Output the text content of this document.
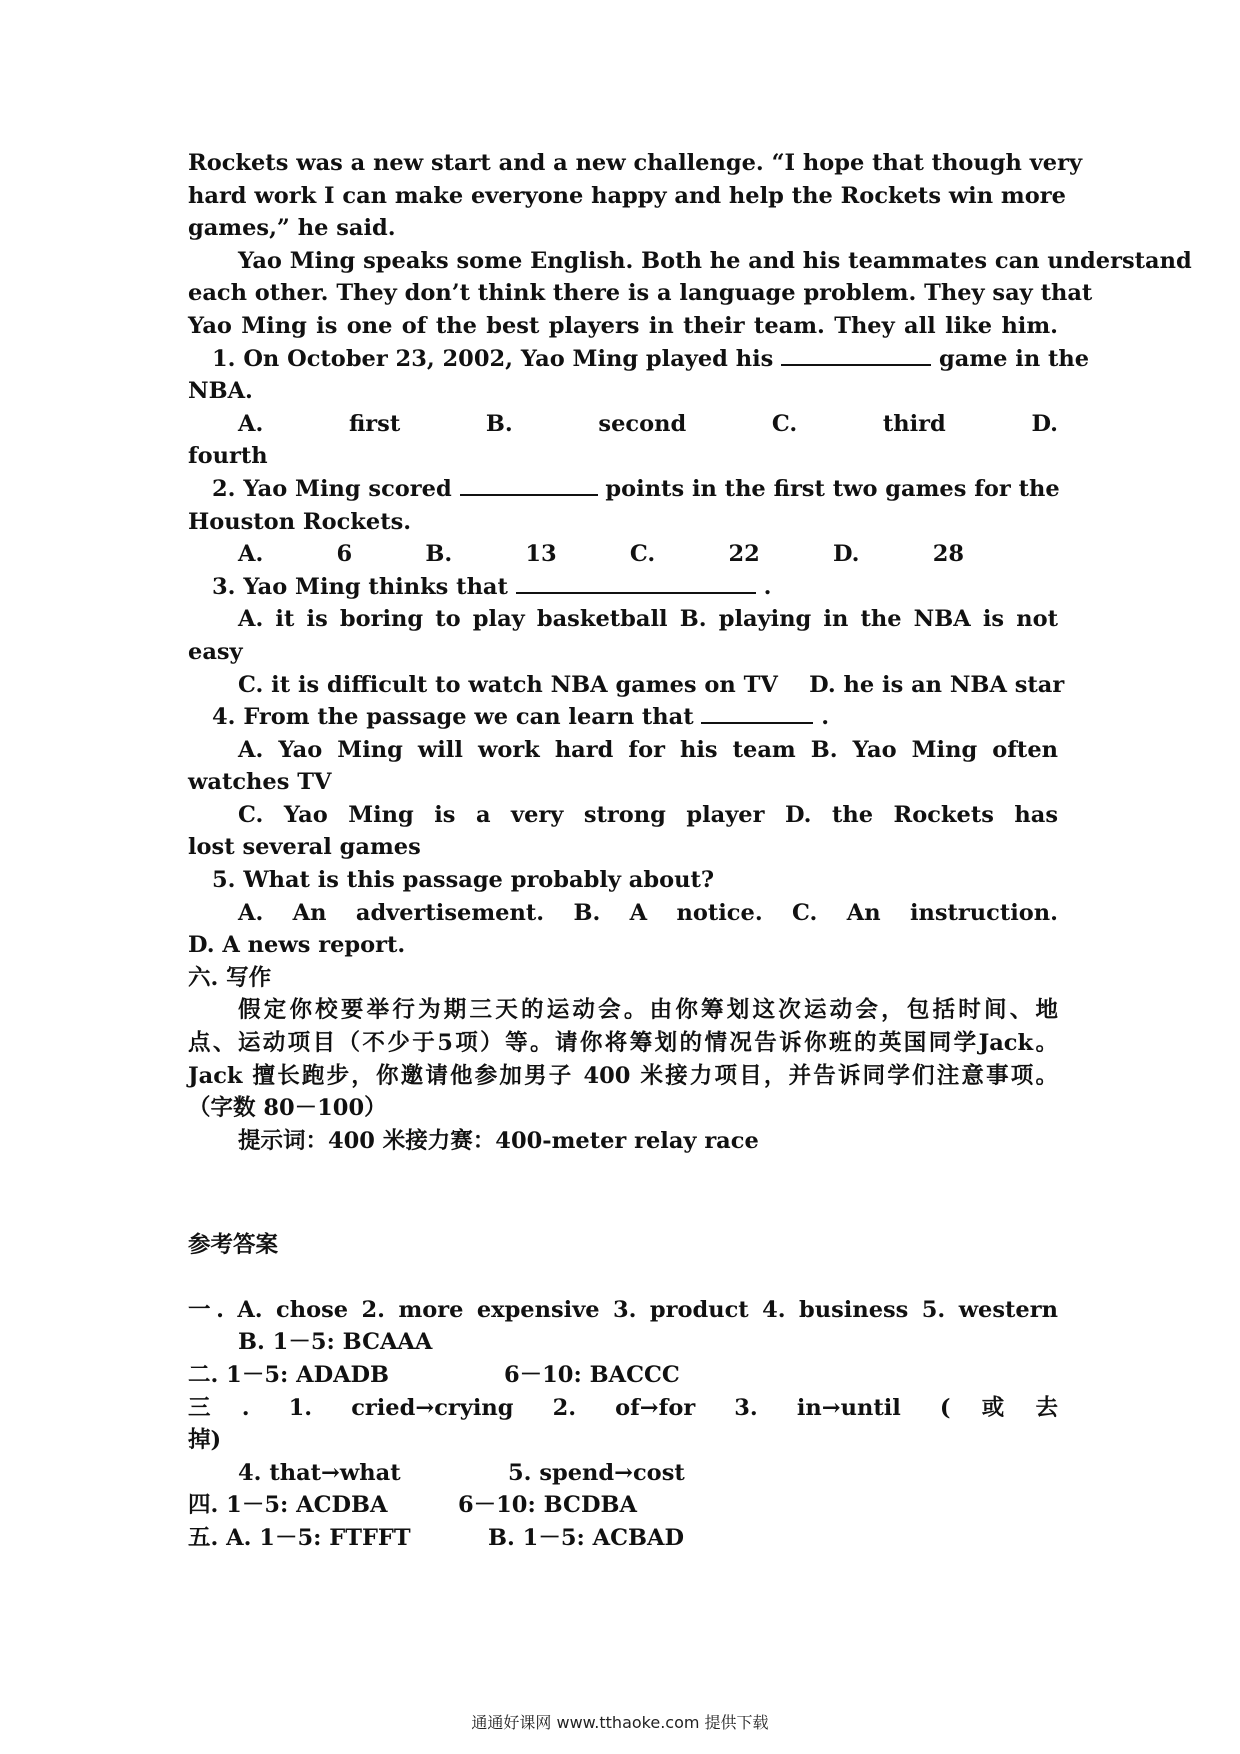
Rockets was a new start and a new challenge. “I hope that though very
hard work I can make everyone happy and help the Rockets win more
games,” he said.
Yao Ming speaks some English. Both he and his teammates can understand
each other. They don’t think there is a language problem. They say that
Yao Ming is one of the best players in their team. They all like him.
1. On October 23, 2002, Yao Ming played his	game in the
NBA.
A. first	B. second	C. third	D.
fourth
2. Yao Ming scored	points in the first two games for the
Houston Rockets.
A. 6	B. 13	C. 22	D. 28
3. Yao Ming thinks that	.
A. it is boring to play basketball B. playing in the NBA is not
easy
C. it is difficult to watch NBA games on TV D. he is an NBA star
4. From the passage we can learn that	.
A. Yao Ming will work hard for his team B. Yao Ming often
watches TV
C. Yao Ming is a very strong player D. the Rockets has
lost several games
5. What is this passage probably about?
A. An advertisement. B. A notice. C. An instruction.
D. A news report.
六. 写作
假定你校要举行为期三天的运动会。由你筹划这次运动会，包括时间、地
点、运动项目（不少于5项）等。请你将筹划的情况告诉你班的英国同学Jack。
Jack 擅长跑步，你邀请他参加男子 400 米接力项目，并告诉同学们注意事项。
（字数 80－100）
提示词：400 米接力赛：400-meter relay race
参考答案
一. A. chose 2. more expensive 3. product 4. business 5. western
B. 1－5: BCAAA
二. 1－5: ADADB	6－10: BACCC
三. 1. cried→crying 2. of→for 3. in→until (或去
掉)
4. that→what	5. spend→cost
四. 1－5: ACDBA	6－10: BCDBA
五. A. 1－5: FTFFT	B. 1－5: ACBAD
通通好课网 www.tthaoke.com 提供下载
